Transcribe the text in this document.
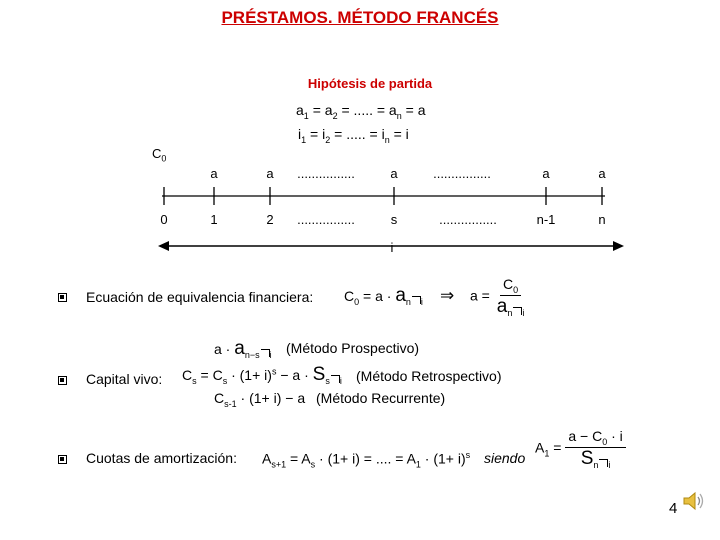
PRÉSTAMOS. MÉTODO FRANCÉS
Hipótesis de partida
$a_1 = a_2$ = ..... = $a_n = a$
$i_1 = i_2$ = ..... = $i_n = i$
$C_0$
a	a ................	a	................	a	a
0	1	2 ................	s	................	n-1	n
i
Ecuación de equivalencia financiera: $C_0 = a \cdot a_n$ $_i$ ⇒ $a = \frac{C_0}{a_n _i}$
$a \cdot a_{n-s}$ $_i$ (Método Prospectivo)
Capital vivo: $C_s = C_s \cdot (1+ i)^s - a \cdot S_s$ $_i$ (Método Retrospectivo)
$C_{s-1} \cdot (1+ i) - a$ (Método Recurrente)
Cuotas de amortización: $A_{s+1} = A_s \cdot (1+ i)$ = .... = $A_1 \cdot (1+ i)^s$ siendo
$A_1 = \frac{a - C_0 \cdot i}{S_n _i}$
4
